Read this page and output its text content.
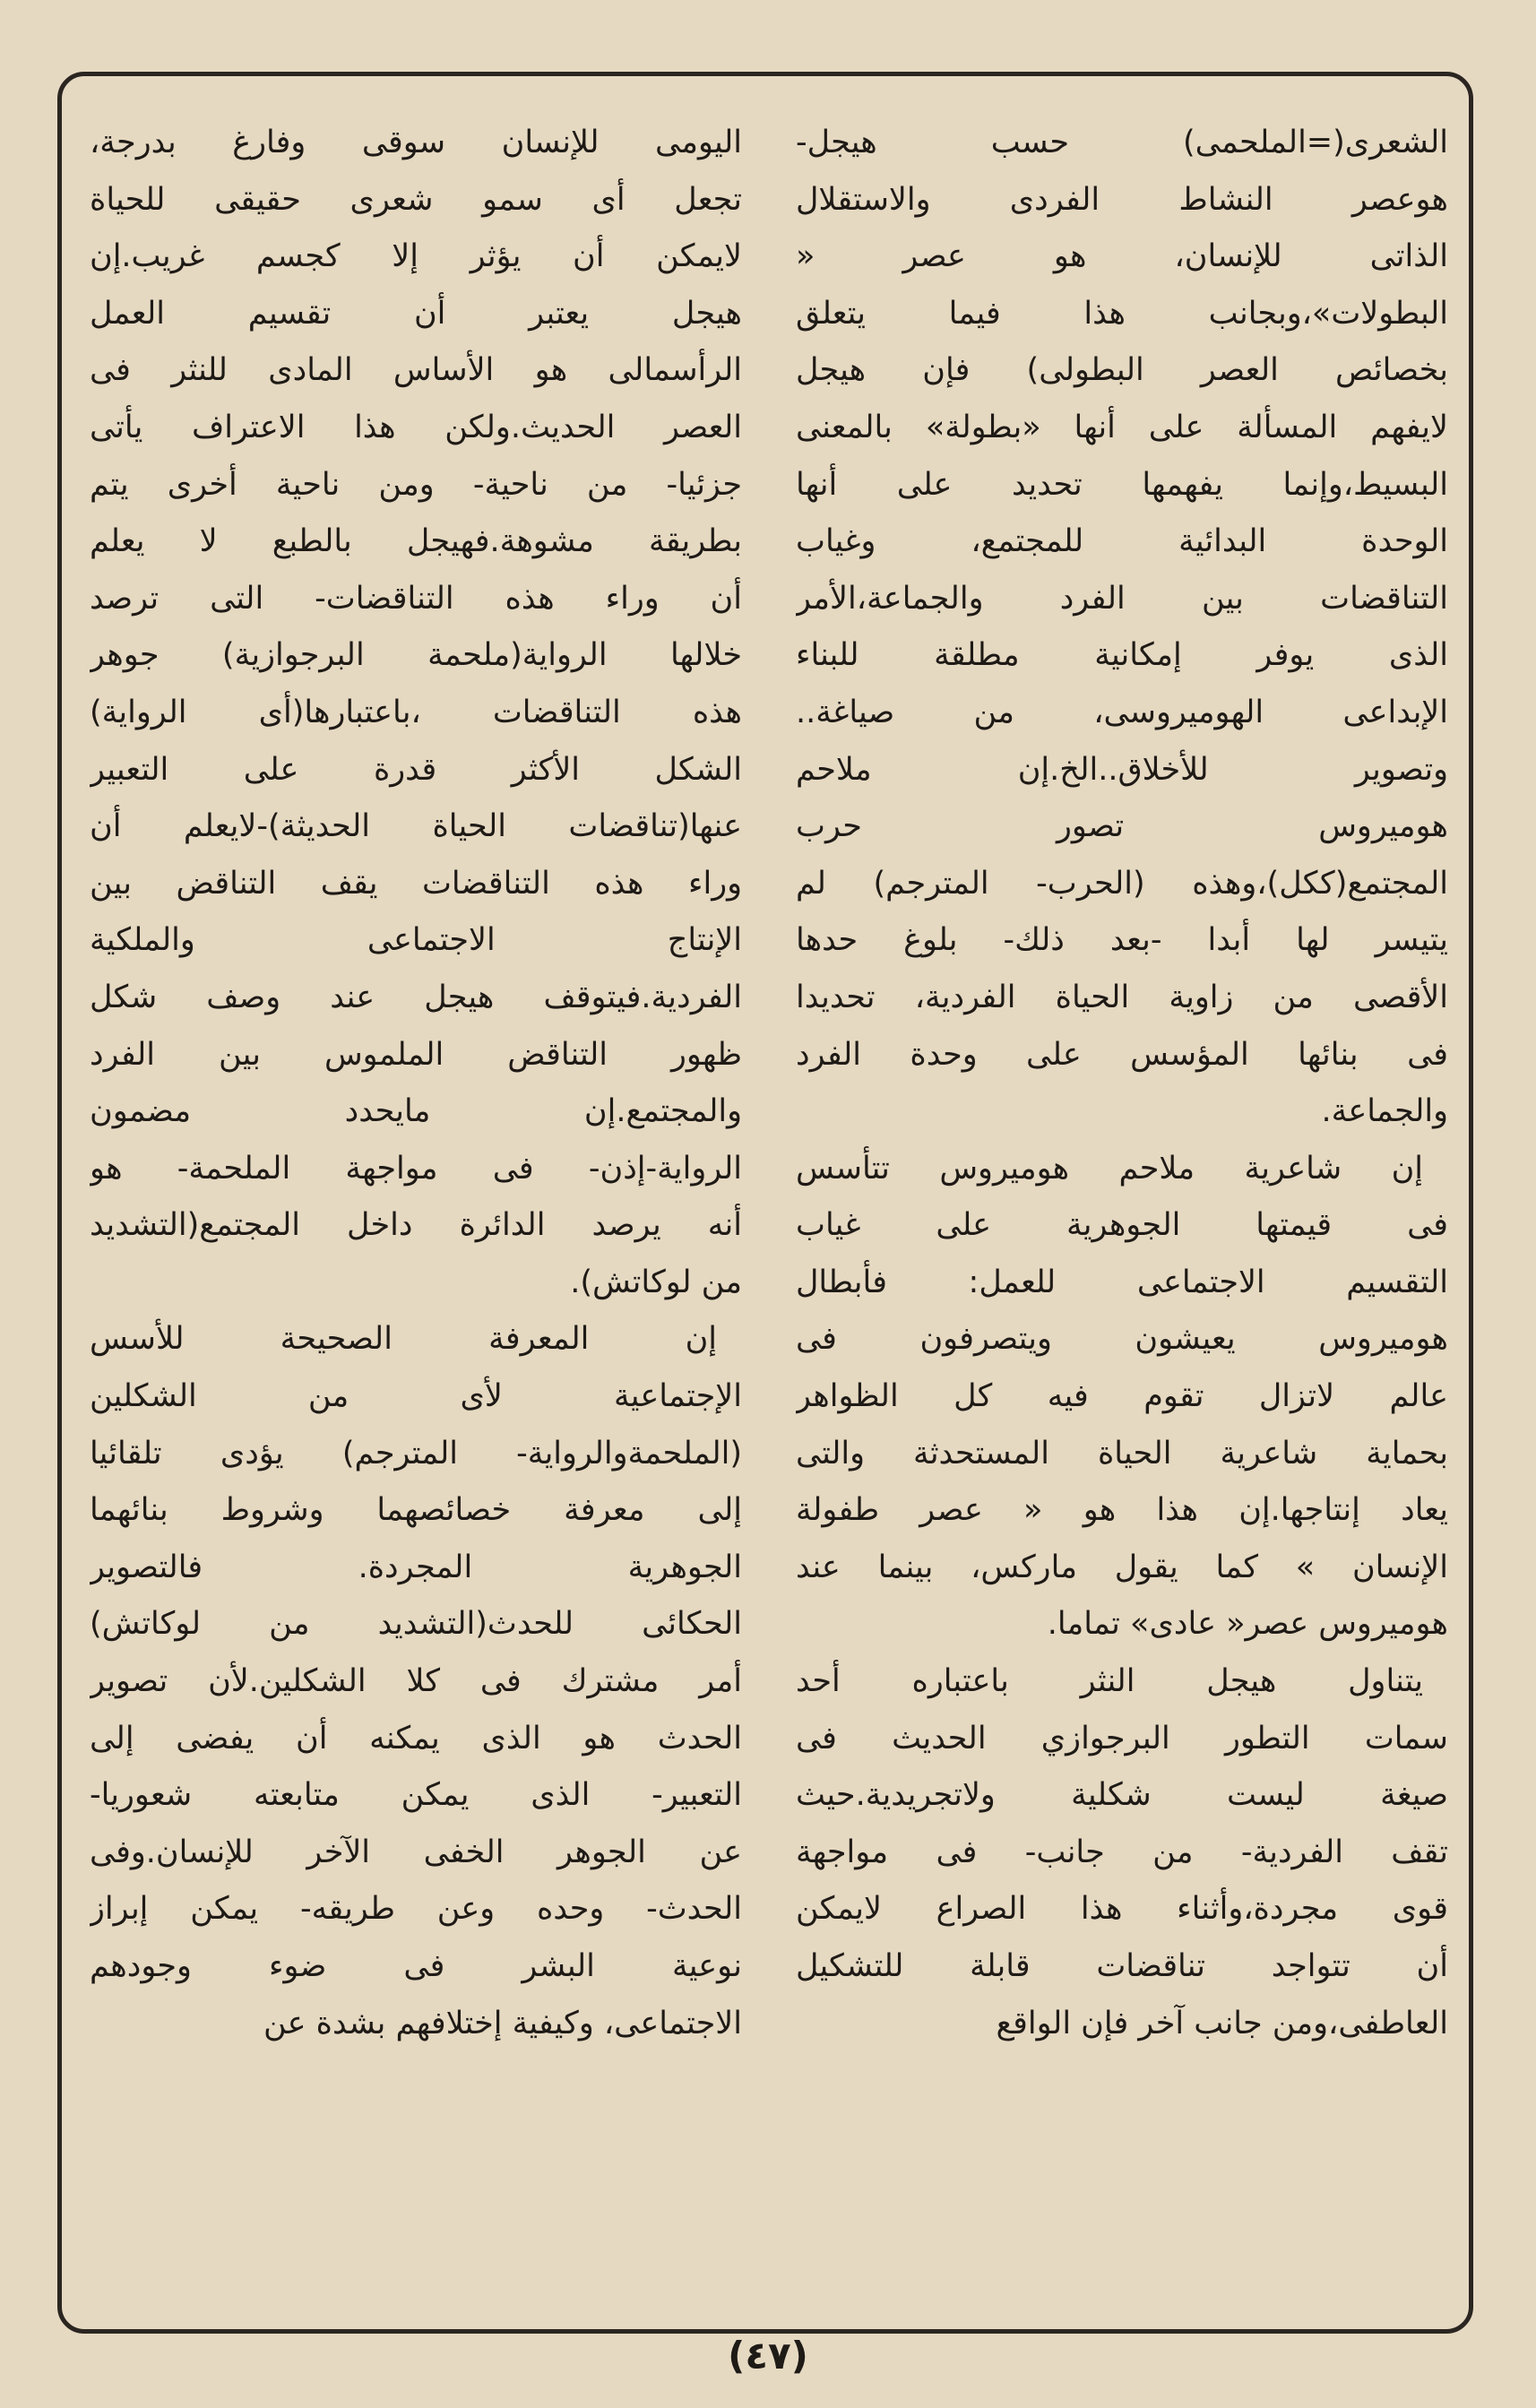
الشعرى(=الملحمى) حسب هيجل-
هوعصر النشاط الفردى والاستقلال
الذاتى للإنسان، هو عصر «
البطولات»،وبجانب هذا فيما يتعلق
بخصائص العصر البطولى) فإن هيجل
لايفهم المسألة على أنها «بطولة» بالمعنى
البسيط،وإنما يفهمها تحديد على أنها
الوحدة البدائية للمجتمع، وغياب
التناقضات بين الفرد والجماعة،الأمر
الذى يوفر إمكانية مطلقة للبناء
الإبداعى الهوميروسى، من صياغة..
وتصوير للأخلاق..الخ.إن ملاحم
هوميروس تصور حرب
المجتمع(ككل)،وهذه (الحرب- المترجم) لم
يتيسر لها أبدا -بعد ذلك- بلوغ حدها
الأقصى من زاوية الحياة الفردية، تحديدا
فى بنائها المؤسس على وحدة الفرد
والجماعة.
إن شاعرية ملاحم هوميروس تتأسس
فى قيمتها الجوهرية على غياب
التقسيم الاجتماعى للعمل: فأبطال
هوميروس يعيشون ويتصرفون فى
عالم لاتزال تقوم فيه كل الظواهر
بحماية شاعرية الحياة المستحدثة والتى
يعاد إنتاجها.إن هذا هو « عصر طفولة
الإنسان » كما يقول ماركس، بينما عند
هوميروس عصر« عادى» تماما.
يتناول هيجل النثر باعتباره أحد
سمات التطور البرجوازي الحديث فى
صيغة ليست شكلية ولاتجريدية.حيث
تقف الفردية- من جانب- فى مواجهة
قوى مجردة،وأثناء هذا الصراع لايمكن
أن تتواجد تناقضات قابلة للتشكيل
العاطفى،ومن جانب آخر فإن الواقع
اليومى للإنسان سوقى وفارغ بدرجة،
تجعل أى سمو شعرى حقيقى للحياة
لايمكن أن يؤثر إلا كجسم غريب.إن
هيجل يعتبر أن تقسيم العمل
الرأسمالى هو الأساس المادى للنثر فى
العصر الحديث.ولكن هذا الاعتراف يأتى
جزئيا- من ناحية- ومن ناحية أخرى يتم
بطريقة مشوهة.فهيجل بالطبع لا يعلم
أن وراء هذه التناقضات- التى ترصد
خلالها الرواية(ملحمة البرجوازية) جوهر
هذه التناقضات ،باعتبارها(أى الرواية)
الشكل الأكثر قدرة على التعبير
عنها(تناقضات الحياة الحديثة)-لايعلم أن
وراء هذه التناقضات يقف التناقض بين
الإنتاج الاجتماعى والملكية
الفردية.فيتوقف هيجل عند وصف شكل
ظهور التناقض الملموس بين الفرد
والمجتمع.إن مايحدد مضمون
الرواية-إذن- فى مواجهة الملحمة- هو
أنه يرصد الدائرة داخل المجتمع(التشديد
من لوكاتش).
إن المعرفة الصحيحة للأسس
الإجتماعية لأى من الشكلين
(الملحمةوالرواية- المترجم) يؤدى تلقائيا
إلى معرفة خصائصهما وشروط بنائهما
الجوهرية المجردة. فالتصوير
الحكائى للحدث(التشديد من لوكاتش)
أمر مشترك فى كلا الشكلين.لأن تصوير
الحدث هو الذى يمكنه أن يفضى إلى
التعبير- الذى يمكن متابعته شعوريا-
عن الجوهر الخفى الآخر للإنسان.وفى
الحدث- وحده وعن طريقه- يمكن إبراز
نوعية البشر فى ضوء وجودهم
الاجتماعى، وكيفية إختلافهم بشدة عن
(٤٧)
